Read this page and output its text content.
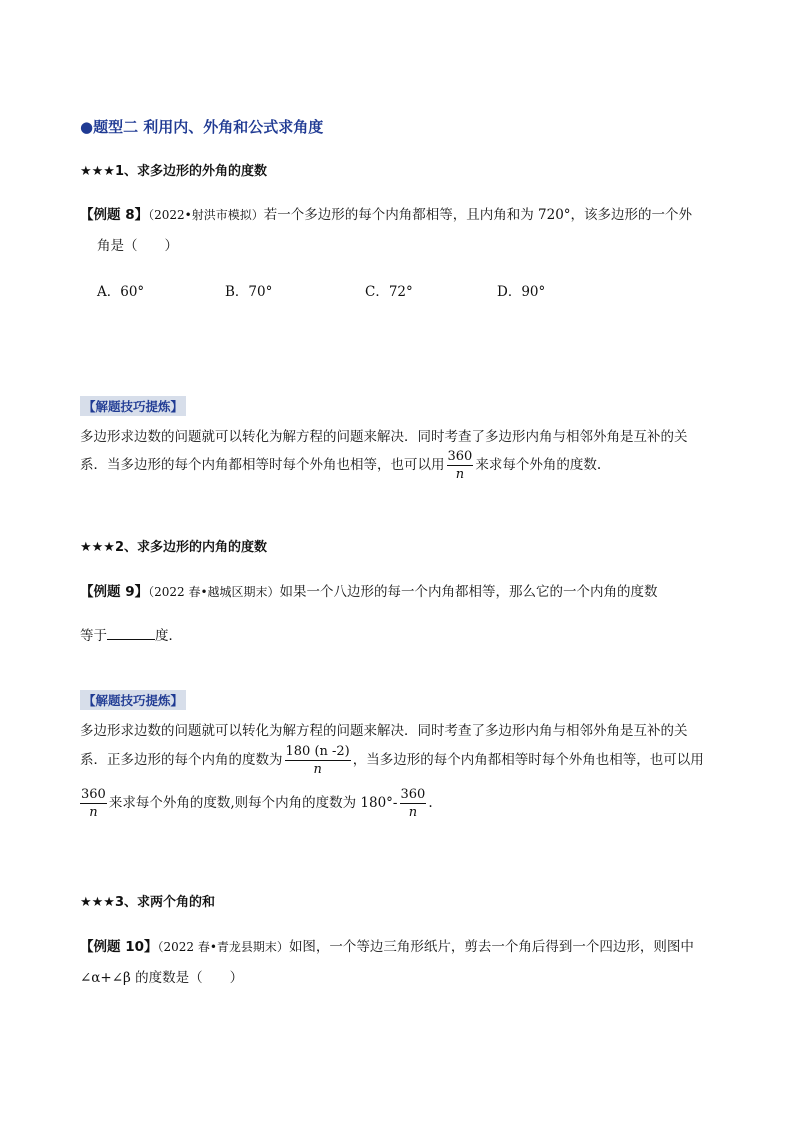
●题型二 利用内、外角和公式求角度
★★★1、求多边形的外角的度数
【例题 8】（2022•射洪市模拟）若一个多边形的每个内角都相等，且内角和为 720°，该多边形的一个外
角是（　　）
A．60°	B．70°	C．72°	D．90°
【解题技巧提炼】
多边形求边数的问题就可以转化为解方程的问题来解决．同时考查了多边形内角与相邻外角是互补的关
系．当多边形的每个内角都相等时每个外角也相等，也可以用 $\frac{360}{n}$ 来求每个外角的度数.
★★★2、求多边形的内角的度数
【例题 9】（2022 春•越城区期末）如果一个八边形的每一个内角都相等，那么它的一个内角的度数
等于	度．
【解题技巧提炼】
多边形求边数的问题就可以转化为解方程的问题来解决．同时考查了多边形内角与相邻外角是互补的关
系．正多边形的每个内角的度数为 $\frac{180 (n -2)}{n}$ ，当多边形的每个内角都相等时每个外角也相等，也可以用
$\frac{360}{n}$ 来求每个外角的度数,则每个内角的度数为 $180^\circ- \frac{360}{n}$ .
★★★3、求两个角的和
【例题 10】（2022 春•青龙县期末）如图，一个等边三角形纸片，剪去一个角后得到一个四边形，则图中
∠α+∠β 的度数是（　　）
